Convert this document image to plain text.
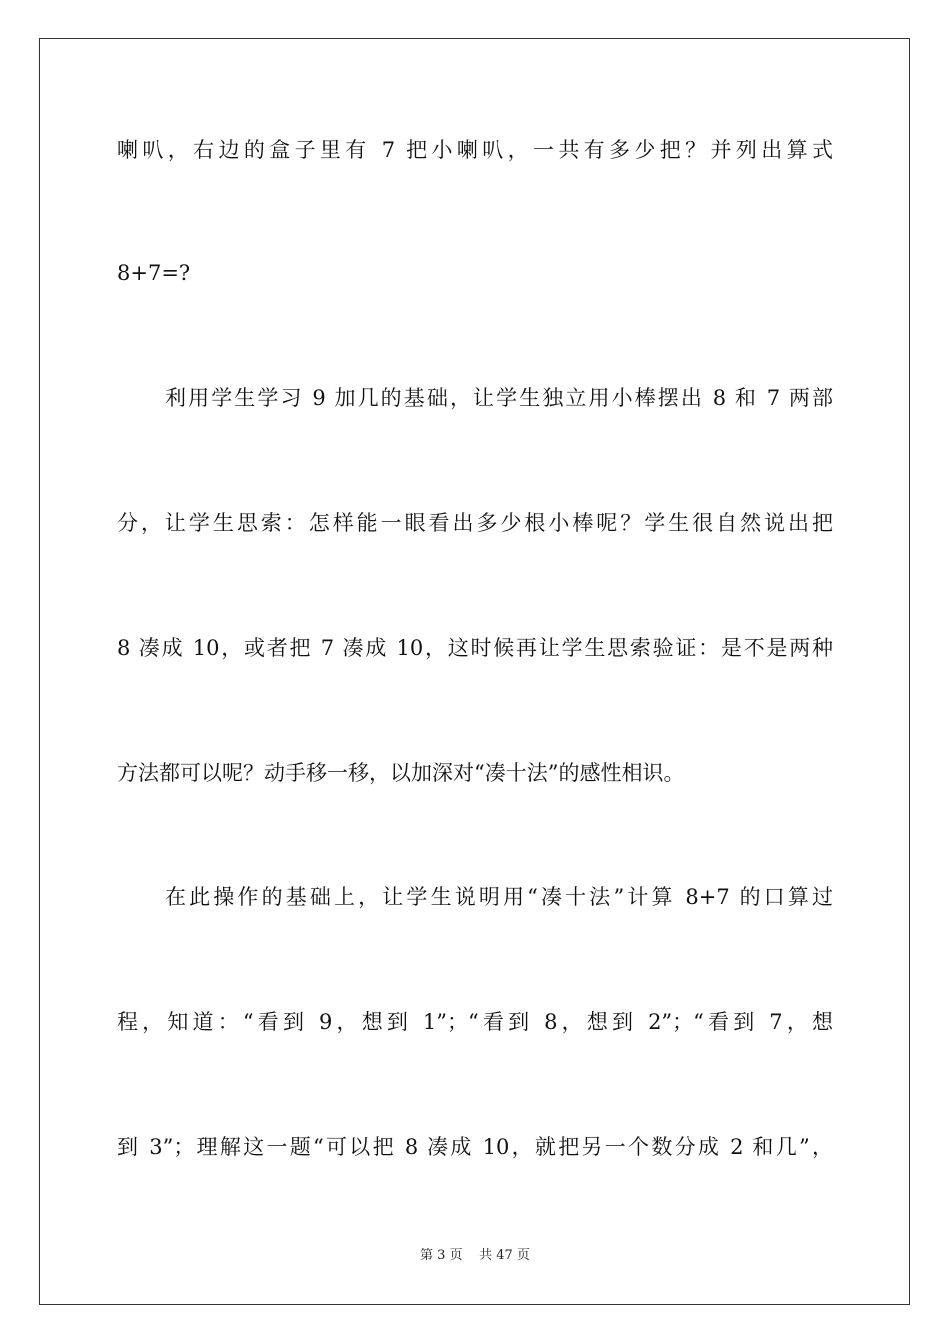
喇叭，右边的盒子里有 7 把小喇叭，一共有多少把？并列出算式
8+7=?
利用学生学习 9 加几的基础，让学生独立用小棒摆出 8 和 7 两部
分，让学生思索：怎样能一眼看出多少根小棒呢？学生很自然说出把
8 凑成 10，或者把 7 凑成 10，这时候再让学生思索验证：是不是两种
方法都可以呢？动手移一移，以加深对“凑十法”的感性相识。
在此操作的基础上，让学生说明用“凑十法”计算 8+7 的口算过
程，知道：“看到 9，想到 1”；“看到 8，想到 2”；“看到 7，想
到 3”；理解这一题“可以把 8 凑成 10，就把另一个数分成 2 和几”，
第 3 页 共 47 页
